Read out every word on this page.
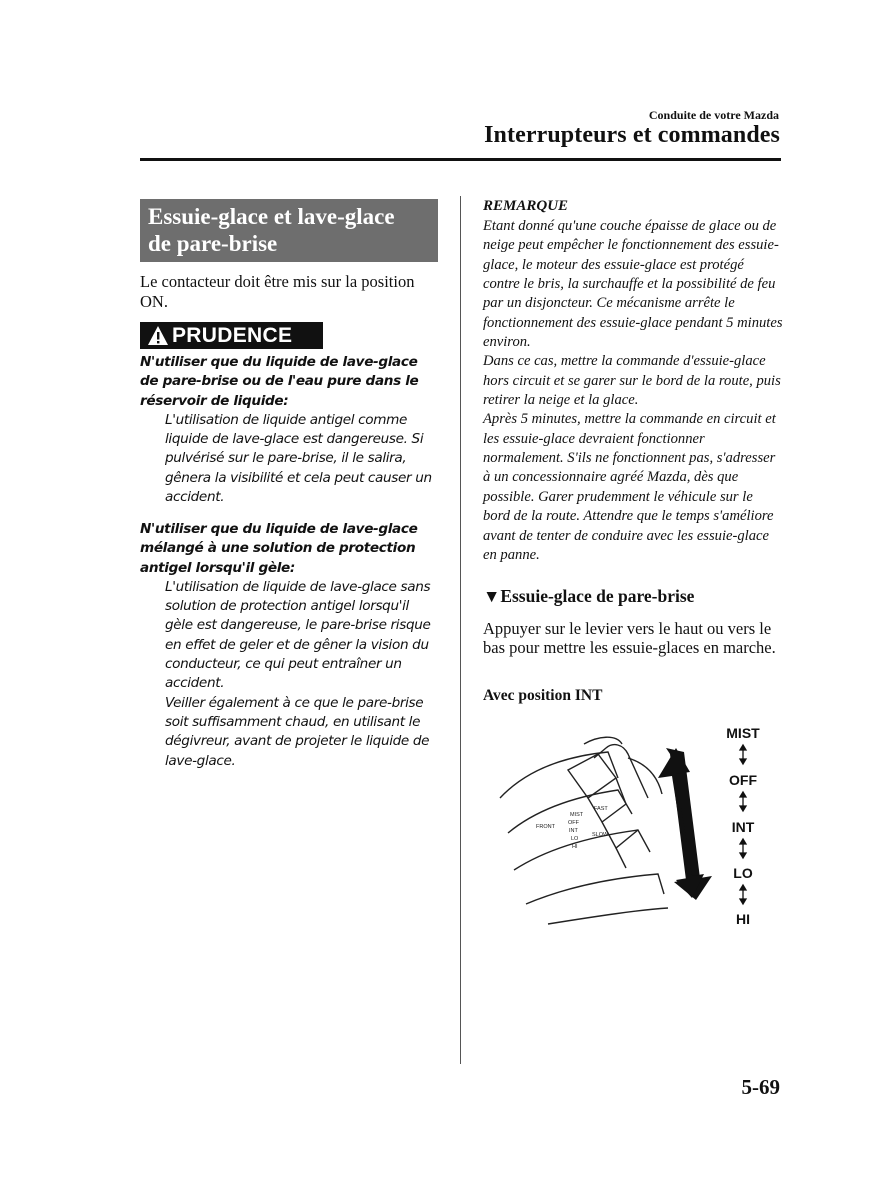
Conduite de votre Mazda
Interrupteurs et commandes
Essuie-glace et lave-glace
de pare-brise
Le contacteur doit être mis sur la position ON.
PRUDENCE
N'utiliser que du liquide de lave-glace de pare-brise ou de l'eau pure dans le réservoir de liquide:
L'utilisation de liquide antigel comme liquide de lave-glace est dangereuse. Si pulvérisé sur le pare-brise, il le salira, gênera la visibilité et cela peut causer un accident.
N'utiliser que du liquide de lave-glace mélangé à une solution de protection antigel lorsqu'il gèle:
L'utilisation de liquide de lave-glace sans solution de protection antigel lorsqu'il gèle est dangereuse, le pare-brise risque en effet de geler et de gêner la vision du conducteur, ce qui peut entraîner un accident.
Veiller également à ce que le pare-brise soit suffisamment chaud, en utilisant le dégivreur, avant de projeter le liquide de lave-glace.
REMARQUE
Etant donné qu'une couche épaisse de glace ou de neige peut empêcher le fonctionnement des essuie-glace, le moteur des essuie-glace est protégé contre le bris, la surchauffe et la possibilité de feu par un disjoncteur. Ce mécanisme arrête le fonctionnement des essuie-glace pendant 5 minutes environ.
Dans ce cas, mettre la commande d'essuie-glace hors circuit et se garer sur le bord de la route, puis retirer la neige et la glace.
Après 5 minutes, mettre la commande en circuit et les essuie-glace devraient fonctionner normalement. S'ils ne fonctionnent pas, s'adresser à un concessionnaire agréé Mazda, dès que possible. Garer prudemment le véhicule sur le bord de la route. Attendre que le temps s'améliore avant de tenter de conduire avec les essuie-glace en panne.
▼Essuie-glace de pare-brise
Appuyer sur le levier vers le haut ou vers le bas pour mettre les essuie-glaces en marche.
Avec position INT
MIST
OFF
INT
LO
HI
FAST
SLOW
FRONT
MIST
OFF
INT
LO
HI
5-69
